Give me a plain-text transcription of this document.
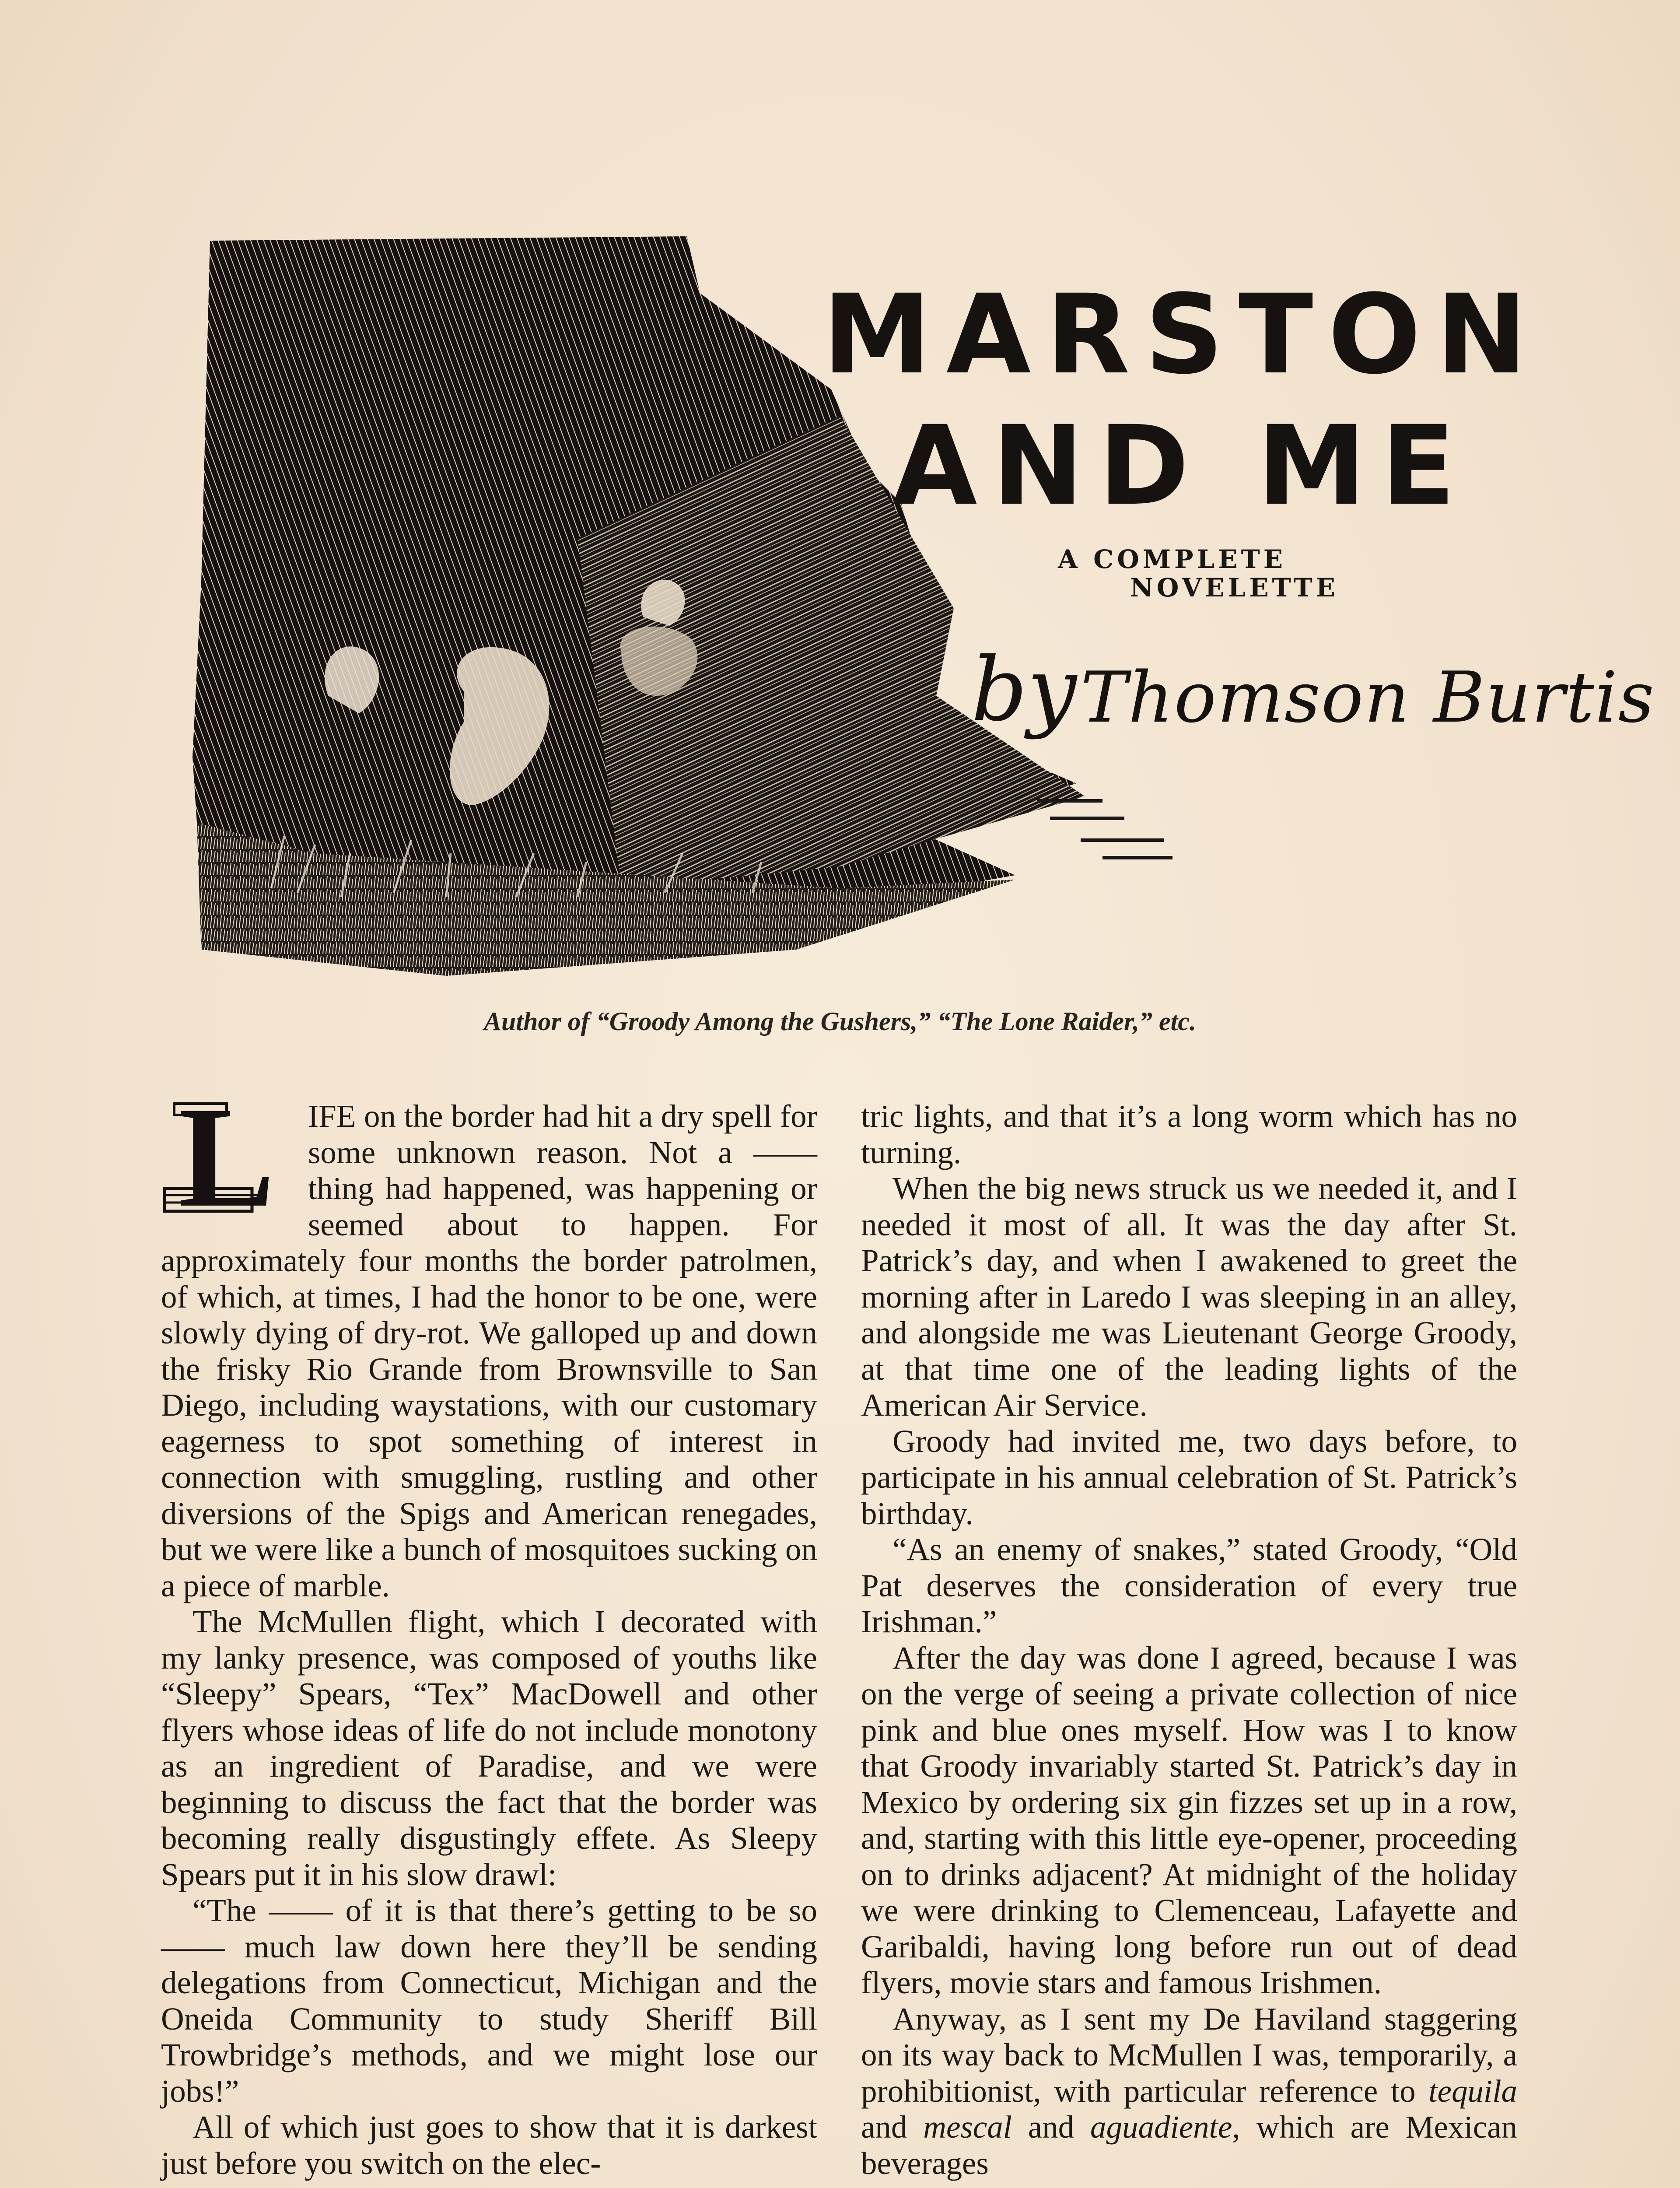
MARSTON
AND ME
A COMPLETE
NOVELETTE
by Thomson Burtis
Author of “Groody Among the Gushers,” “The Lone Raider,” etc.
L	IFE on the border had hit a dry spell for some unknown reason. Not a —— thing had happened, was happening or seemed about to happen. For approximately four months the border patrolmen, of which, at times, I had the honor to be one, were slowly dying of dry-rot. We galloped up and down the frisky Rio Grande from Brownsville to San Diego, including waystations, with our customary eagerness to spot something of interest in connection with smuggling, rustling and other diversions of the Spigs and American renegades, but we were like a bunch of mosquitoes sucking on a piece of marble.

The McMullen flight, which I decorated with my lanky presence, was composed of youths like “Sleepy” Spears, “Tex” MacDowell and other flyers whose ideas of life do not include monotony as an ingredient of Paradise, and we were beginning to discuss the fact that the border was becoming really disgustingly effete. As Sleepy Spears put it in his slow drawl:

“The —— of it is that there’s getting to be so —— much law down here they’ll be sending delegations from Connecticut, Michigan and the Oneida Community to study Sheriff Bill Trowbridge’s methods, and we might lose our jobs!”

All of which just goes to show that it is darkest just before you switch on the elec-

tric lights, and that it’s a long worm which has no turning.

When the big news struck us we needed it, and I needed it most of all. It was the day after St. Patrick’s day, and when I awakened to greet the morning after in Laredo I was sleeping in an alley, and alongside me was Lieutenant George Groody, at that time one of the leading lights of the American Air Service.

Groody had invited me, two days before, to participate in his annual celebration of St. Patrick’s birthday.

“As an enemy of snakes,” stated Groody, “Old Pat deserves the consideration of every true Irishman.”

After the day was done I agreed, because I was on the verge of seeing a private collection of nice pink and blue ones myself. How was I to know that Groody invariably started St. Patrick’s day in Mexico by ordering six gin fizzes set up in a row, and, starting with this little eye-opener, proceeding on to drinks adjacent? At midnight of the holiday we were drinking to Clemenceau, Lafayette and Garibaldi, having long before run out of dead flyers, movie stars and famous Irishmen.

Anyway, as I sent my De Haviland staggering on its way back to McMullen I was, temporarily, a prohibitionist, with particular reference to tequila and mescal and aguadiente, which are Mexican beverages
